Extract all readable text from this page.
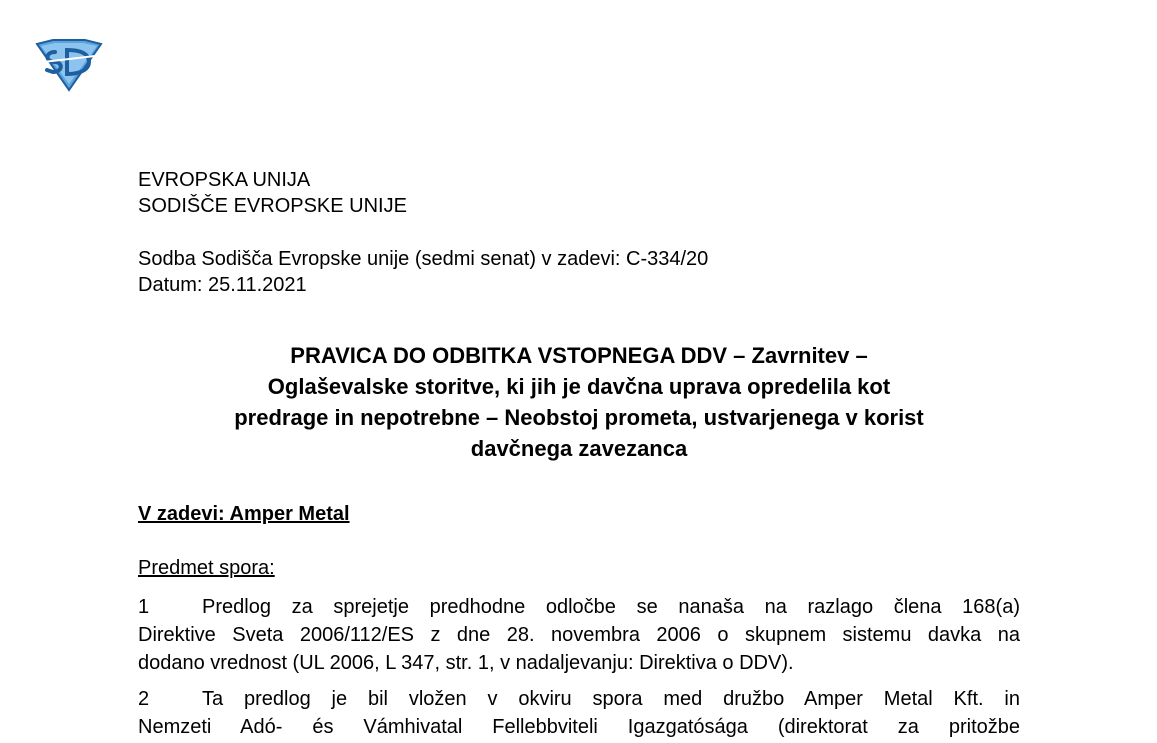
EVROPSKA UNIJA
SODIŠČE EVROPSKE UNIJE
Sodba Sodišča Evropske unije (sedmi senat) v zadevi: C-334/20
Datum: 25.11.2021
PRAVICA DO ODBITKA VSTOPNEGA DDV – Zavrnitev –
Oglaševalske storitve, ki jih je davčna uprava opredelila kot
predrage in nepotrebne – Neobstoj prometa, ustvarjenega v korist
davčnega zavezanca
V zadevi: Amper Metal
Predmet spora:
1	Predlog za sprejetje predhodne odločbe se nanaša na razlago člena 168(a)
Direktive Sveta 2006/112/ES z dne 28. novembra 2006 o skupnem sistemu davka na
dodano vrednost (UL 2006, L 347, str. 1, v nadaljevanju: Direktiva o DDV).
2	Ta predlog je bil vložen v okviru spora med družbo Amper Metal Kft. in
Nemzeti Adó- és Vámhivatal Fellebbviteli Igazgatósága (direktorat za pritožbe
